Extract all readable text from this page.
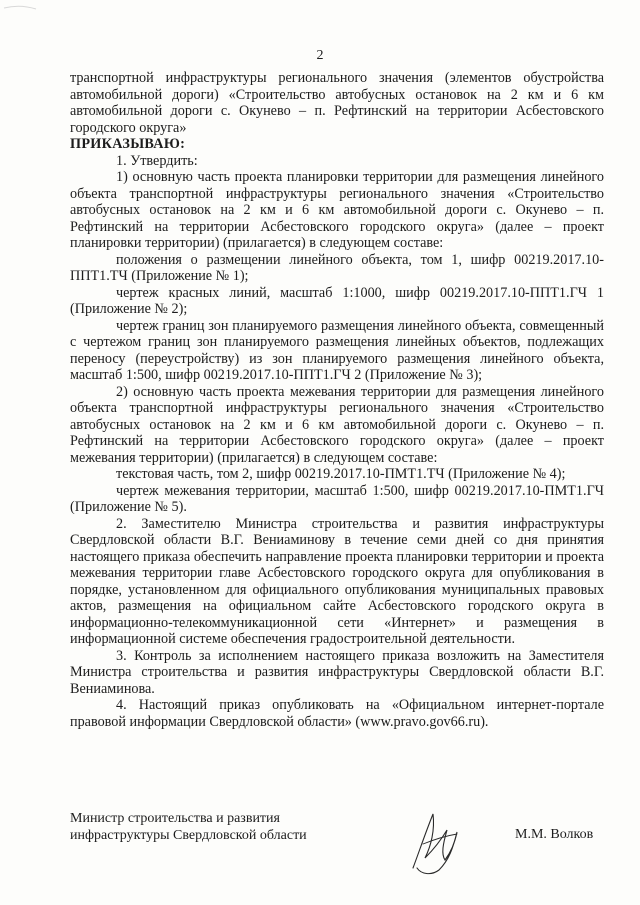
2

транспортной инфраструктуры регионального значения (элементов обустройства автомобильной дороги) «Строительство автобусных остановок на 2 км и 6 км автомобильной дороги с. Окунево – п. Рефтинский на территории Асбестовского городского округа»

ПРИКАЗЫВАЮ:

1. Утвердить:

1) основную часть проекта планировки территории для размещения линейного объекта транспортной инфраструктуры регионального значения «Строительство автобусных остановок на 2 км и 6 км автомобильной дороги с. Окунево – п. Рефтинский на территории Асбестовского городского округа» (далее – проект планировки территории) (прилагается) в следующем составе:

положения о размещении линейного объекта, том 1, шифр 00219.2017.10-ППТ1.ТЧ (Приложение № 1);

чертеж красных линий, масштаб 1:1000, шифр 00219.2017.10-ППТ1.ГЧ 1 (Приложение № 2);

чертеж границ зон планируемого размещения линейного объекта, совмещенный с чертежом границ зон планируемого размещения линейных объектов, подлежащих переносу (переустройству) из зон планируемого размещения линейного объекта, масштаб 1:500, шифр 00219.2017.10-ППТ1.ГЧ 2 (Приложение № 3);

2) основную часть проекта межевания территории для размещения линейного объекта транспортной инфраструктуры регионального значения «Строительство автобусных остановок на 2 км и 6 км автомобильной дороги с. Окунево – п. Рефтинский на территории Асбестовского городского округа» (далее – проект межевания территории) (прилагается) в следующем составе:

текстовая часть, том 2, шифр 00219.2017.10-ПМТ1.ТЧ (Приложение № 4);

чертеж межевания территории, масштаб 1:500, шифр 00219.2017.10-ПМТ1.ГЧ (Приложение № 5).

2. Заместителю Министра строительства и развития инфраструктуры Свердловской области В.Г. Вениаминову в течение семи дней со дня принятия настоящего приказа обеспечить направление проекта планировки территории и проекта межевания территории главе Асбестовского городского округа для опубликования в порядке, установленном для официального опубликования муниципальных правовых актов, размещения на официальном сайте Асбестовского городского округа в информационно-телекоммуникационной сети «Интернет» и размещения в информационной системе обеспечения градостроительной деятельности.

3. Контроль за исполнением настоящего приказа возложить на Заместителя Министра строительства и развития инфраструктуры Свердловской области В.Г. Вениаминова.

4. Настоящий приказ опубликовать на «Официальном интернет-портале правовой информации Свердловской области» (www.pravo.gov66.ru).

Министр строительства и развития
инфраструктуры Свердловской области	М.М. Волков
